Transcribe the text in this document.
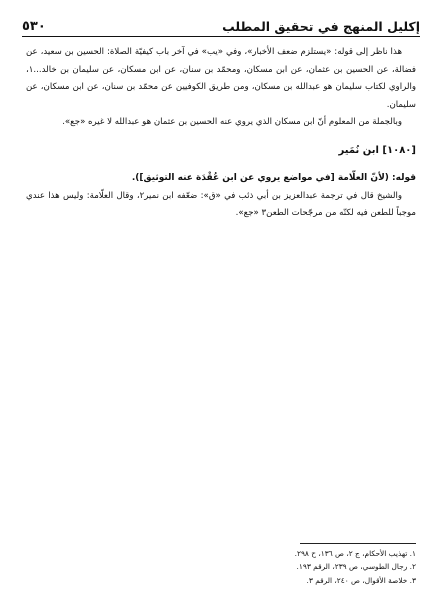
٥٣٠	إكليل المنهج في تحقيق المطلب

هذا ناظر إلى قوله: «يستلزم ضعف الأخبار»، وفي «يب» في آخر باب كيفيّة الصلاة: الحسين بن سعيد، عن فضالة، عن الحسين بن عثمان، عن ابن مسكان، ومحمّد بن سنان، عن ابن مسكان، عن سليمان بن خالد...١، والراوي لكتاب سليمان هو عبدالله بن مسكان، ومن طريق الكوفيين عن محمّد بن سنان، عن ابن مسكان، عن سليمان.

وبالجملة من المعلوم أنّ ابن مسكان الذي يروي عنه الحسين بن عثمان هو عبدالله لا غيره «جع».

[١٠٨٠] ابن نُمَير

قوله: (لأنّ العلّامة [في مواضع يروي عن ابن عُقْدَة عنه التوثيق]).

والشيخ قال في ترجمة عبدالعزيز بن أبي ذئب في «ق»: ضعّفه ابن نمير٢، وقال العلّامة: وليس هذا عندي موجباً للطعن فيه لكنّه من مرجّحات الطعن٣ «جع».

١. تهذيب الأحكام، ج ٢، ص ١٣٦، ح ٢٩٨.
٢. رجال الطوسي، ص ٢٣٩، الرقم ١٩٣.
٣. خلاصة الأقوال، ص ٢٤٠، الرقم ٣.
